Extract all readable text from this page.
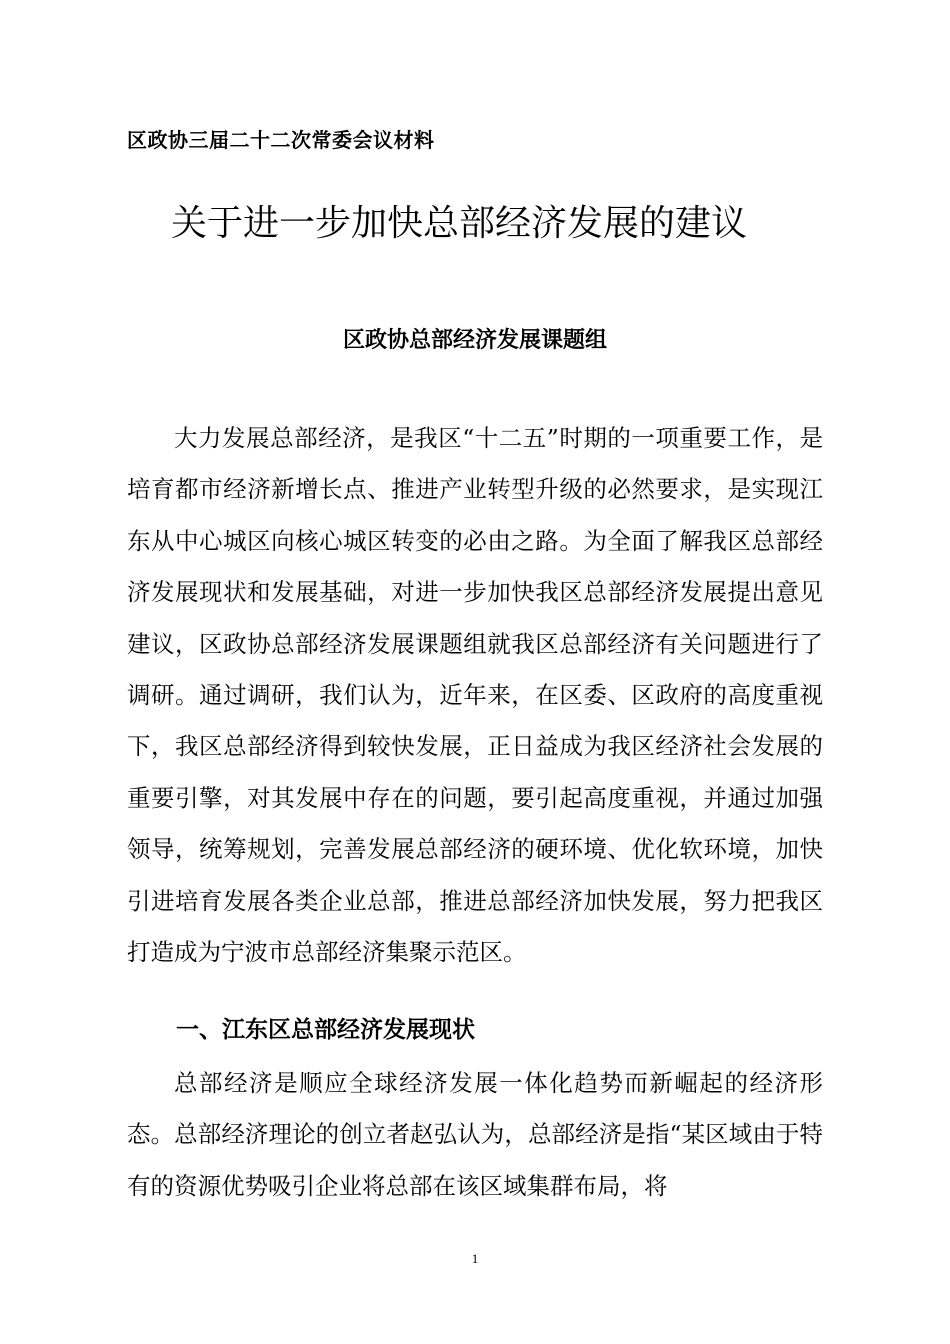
区政协三届二十二次常委会议材料
关于进一步加快总部经济发展的建议
区政协总部经济发展课题组

大力发展总部经济，是我区“十二五”时期的一项重要工作，是培育都市经济新增长点、推进产业转型升级的必然要求，是实现江东从中心城区向核心城区转变的必由之路。为全面了解我区总部经济发展现状和发展基础，对进一步加快我区总部经济发展提出意见建议，区政协总部经济发展课题组就我区总部经济有关问题进行了调研。通过调研，我们认为，近年来，在区委、区政府的高度重视下，我区总部经济得到较快发展，正日益成为我区经济社会发展的重要引擎，对其发展中存在的问题，要引起高度重视，并通过加强领导，统筹规划，完善发展总部经济的硬环境、优化软环境，加快引进培育发展各类企业总部，推进总部经济加快发展，努力把我区打造成为宁波市总部经济集聚示范区。

一、江东区总部经济发展现状

总部经济是顺应全球经济发展一体化趋势而新崛起的经济形态。总部经济理论的创立者赵弘认为，总部经济是指“某区域由于特有的资源优势吸引企业将总部在该区域集群布局，将

1
